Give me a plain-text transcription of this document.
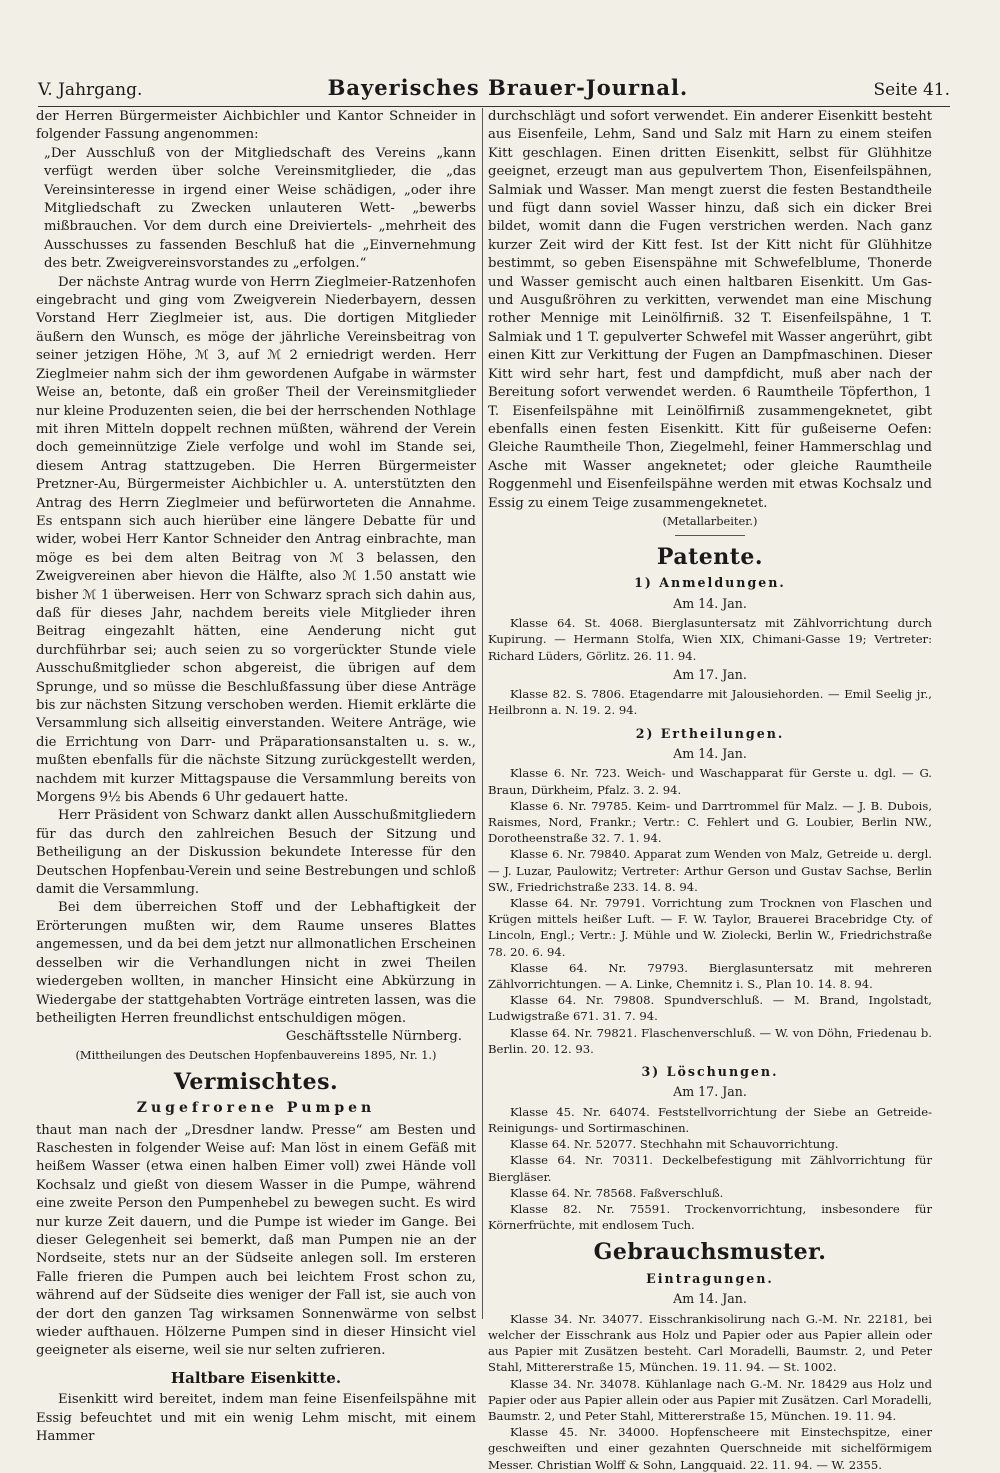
V. Jahrgang.	Bayerisches Brauer-Journal.	Seite 41.

der Herren Bürgermeister Aichbichler und Kantor Schneider in folgender Fassung angenommen:

„Der Ausschluß von der Mitgliedschaft des Vereins „kann verfügt werden über solche Vereinsmitglieder, die „das Vereinsinteresse in irgend einer Weise schädigen, „oder ihre Mitgliedschaft zu Zwecken unlauteren Wett- „bewerbs mißbrauchen. Vor dem durch eine Dreiviertels- „mehrheit des Ausschusses zu fassenden Beschluß hat die „Einvernehmung des betr. Zweigvereinsvorstandes zu „erfolgen.“

Der nächste Antrag wurde von Herrn Zieglmeier-Ratzenhofen eingebracht und ging vom Zweigverein Niederbayern, dessen Vorstand Herr Zieglmeier ist, aus. Die dortigen Mitglieder äußern den Wunsch, es möge der jährliche Vereinsbeitrag von seiner jetzigen Höhe, ℳ 3, auf ℳ 2 erniedrigt werden. Herr Zieglmeier nahm sich der ihm gewordenen Aufgabe in wärmster Weise an, betonte, daß ein großer Theil der Vereinsmitglieder nur kleine Produzenten seien, die bei der herrschenden Nothlage mit ihren Mitteln doppelt rechnen müßten, während der Verein doch gemeinnützige Ziele verfolge und wohl im Stande sei, diesem Antrag stattzugeben. Die Herren Bürgermeister Pretzner-Au, Bürgermeister Aichbichler u. A. unterstützten den Antrag des Herrn Zieglmeier und befürworteten die Annahme. Es entspann sich auch hierüber eine längere Debatte für und wider, wobei Herr Kantor Schneider den Antrag einbrachte, man möge es bei dem alten Beitrag von ℳ 3 belassen, den Zweigvereinen aber hievon die Hälfte, also ℳ 1.50 anstatt wie bisher ℳ 1 überweisen. Herr von Schwarz sprach sich dahin aus, daß für dieses Jahr, nachdem bereits viele Mitglieder ihren Beitrag eingezahlt hätten, eine Aenderung nicht gut durchführbar sei; auch seien zu so vorgerückter Stunde viele Ausschußmitglieder schon abgereist, die übrigen auf dem Sprunge, und so müsse die Beschlußfassung über diese Anträge bis zur nächsten Sitzung verschoben werden. Hiemit erklärte die Versammlung sich allseitig einverstanden. Weitere Anträge, wie die Errichtung von Darr- und Präparationsanstalten u. s. w., mußten ebenfalls für die nächste Sitzung zurückgestellt werden, nachdem mit kurzer Mittagspause die Versammlung bereits von Morgens 9½ bis Abends 6 Uhr gedauert hatte.

Herr Präsident von Schwarz dankt allen Ausschußmitgliedern für das durch den zahlreichen Besuch der Sitzung und Betheiligung an der Diskussion bekundete Interesse für den Deutschen Hopfenbau-Verein und seine Bestrebungen und schloß damit die Versammlung.

Bei dem überreichen Stoff und der Lebhaftigkeit der Erörterungen mußten wir, dem Raume unseres Blattes angemessen, und da bei dem jetzt nur allmonatlichen Erscheinen desselben wir die Verhandlungen nicht in zwei Theilen wiedergeben wollten, in mancher Hinsicht eine Abkürzung in Wiedergabe der stattgehabten Vorträge eintreten lassen, was die betheiligten Herren freundlichst entschuldigen mögen.

Geschäftsstelle Nürnberg.

(Mittheilungen des Deutschen Hopfenbauvereins 1895, Nr. 1.)

Vermischtes.
Zugefrorene Pumpen

thaut man nach der „Dresdner landw. Presse“ am Besten und Raschesten in folgender Weise auf: Man löst in einem Gefäß mit heißem Wasser (etwa einen halben Eimer voll) zwei Hände voll Kochsalz und gießt von diesem Wasser in die Pumpe, während eine zweite Person den Pumpenhebel zu bewegen sucht. Es wird nur kurze Zeit dauern, und die Pumpe ist wieder im Gange. Bei dieser Gelegenheit sei bemerkt, daß man Pumpen nie an der Nordseite, stets nur an der Südseite anlegen soll. Im ersteren Falle frieren die Pumpen auch bei leichtem Frost schon zu, während auf der Südseite dies weniger der Fall ist, sie auch von der dort den ganzen Tag wirksamen Sonnenwärme von selbst wieder aufthauen. Hölzerne Pumpen sind in dieser Hinsicht viel geeigneter als eiserne, weil sie nur selten zufrieren.

Haltbare Eisenkitte.

Eisenkitt wird bereitet, indem man feine Eisenfeilspähne mit Essig befeuchtet und mit ein wenig Lehm mischt, mit einem Hammer

durchschlägt und sofort verwendet. Ein anderer Eisenkitt besteht aus Eisenfeile, Lehm, Sand und Salz mit Harn zu einem steifen Kitt geschlagen. Einen dritten Eisenkitt, selbst für Glühhitze geeignet, erzeugt man aus gepulvertem Thon, Eisenfeilspähnen, Salmiak und Wasser. Man mengt zuerst die festen Bestandtheile und fügt dann soviel Wasser hinzu, daß sich ein dicker Brei bildet, womit dann die Fugen verstrichen werden. Nach ganz kurzer Zeit wird der Kitt fest. Ist der Kitt nicht für Glühhitze bestimmt, so geben Eisenspähne mit Schwefelblume, Thonerde und Wasser gemischt auch einen haltbaren Eisenkitt. Um Gas- und Ausgußröhren zu verkitten, verwendet man eine Mischung rother Mennige mit Leinölfirniß. 32 T. Eisenfeilspähne, 1 T. Salmiak und 1 T. gepulverter Schwefel mit Wasser angerührt, gibt einen Kitt zur Verkittung der Fugen an Dampfmaschinen. Dieser Kitt wird sehr hart, fest und dampfdicht, muß aber nach der Bereitung sofort verwendet werden. 6 Raumtheile Töpferthon, 1 T. Eisenfeilspähne mit Leinölfirniß zusammengeknetet, gibt ebenfalls einen festen Eisenkitt. Kitt für gußeiserne Oefen: Gleiche Raumtheile Thon, Ziegelmehl, feiner Hammerschlag und Asche mit Wasser angeknetet; oder gleiche Raumtheile Roggenmehl und Eisenfeilspähne werden mit etwas Kochsalz und Essig zu einem Teige zusammengeknetet.

(Metallarbeiter.)

Patente.
1) Anmeldungen.
Am 14. Jan.

Klasse 64. St. 4068. Bierglasuntersatz mit Zählvorrichtung durch Kupirung. — Hermann Stolfa, Wien XIX, Chimani-Gasse 19; Vertreter: Richard Lüders, Görlitz. 26. 11. 94.

Am 17. Jan.

Klasse 82. S. 7806. Etagendarre mit Jalousiehorden. — Emil Seelig jr., Heilbronn a. N. 19. 2. 94.

2) Ertheilungen.
Am 14. Jan.

Klasse 6. Nr. 723. Weich- und Waschapparat für Gerste u. dgl. — G. Braun, Dürkheim, Pfalz. 3. 2. 94.

Klasse 6. Nr. 79785. Keim- und Darrtrommel für Malz. — J. B. Dubois, Raismes, Nord, Frankr.; Vertr.: C. Fehlert und G. Loubier, Berlin NW., Dorotheenstraße 32. 7. 1. 94.

Klasse 6. Nr. 79840. Apparat zum Wenden von Malz, Getreide u. dergl. — J. Luzar, Paulowitz; Vertreter: Arthur Gerson und Gustav Sachse, Berlin SW., Friedrichstraße 233. 14. 8. 94.

Klasse 64. Nr. 79791. Vorrichtung zum Trocknen von Flaschen und Krügen mittels heißer Luft. — F. W. Taylor, Brauerei Bracebridge Cty. of Lincoln, Engl.; Vertr.: J. Mühle und W. Ziolecki, Berlin W., Friedrichstraße 78. 20. 6. 94.

Klasse 64. Nr. 79793. Bierglasuntersatz mit mehreren Zählvorrichtungen. — A. Linke, Chemnitz i. S., Plan 10. 14. 8. 94.

Klasse 64. Nr. 79808. Spundverschluß. — M. Brand, Ingolstadt, Ludwigstraße 671. 31. 7. 94.

Klasse 64. Nr. 79821. Flaschenverschluß. — W. von Döhn, Friedenau b. Berlin. 20. 12. 93.

3) Löschungen.
Am 17. Jan.

Klasse 45. Nr. 64074. Feststellvorrichtung der Siebe an Getreide-Reinigungs- und Sortirmaschinen.

Klasse 64. Nr. 52077. Stechhahn mit Schauvorrichtung.

Klasse 64. Nr. 70311. Deckelbefestigung mit Zählvorrichtung für Biergläser.

Klasse 64. Nr. 78568. Faßverschluß.

Klasse 82. Nr. 75591. Trockenvorrichtung, insbesondere für Körnerfrüchte, mit endlosem Tuch.

Gebrauchsmuster.
Eintragungen.
Am 14. Jan.

Klasse 34. Nr. 34077. Eisschrankisolirung nach G.-M. Nr. 22181, bei welcher der Eisschrank aus Holz und Papier oder aus Papier allein oder aus Papier mit Zusätzen besteht. Carl Moradelli, Baumstr. 2, und Peter Stahl, Mittererstraße 15, München. 19. 11. 94. — St. 1002.

Klasse 34. Nr. 34078. Kühlanlage nach G.-M. Nr. 18429 aus Holz und Papier oder aus Papier allein oder aus Papier mit Zusätzen. Carl Moradelli, Baumstr. 2, und Peter Stahl, Mittererstraße 15, München. 19. 11. 94.

Klasse 45. Nr. 34000. Hopfenscheere mit Einstechspitze, einer geschweiften und einer gezahnten Querschneide mit sichelförmigem Messer. Christian Wolff & Sohn, Langquaid. 22. 11. 94. — W. 2355.
